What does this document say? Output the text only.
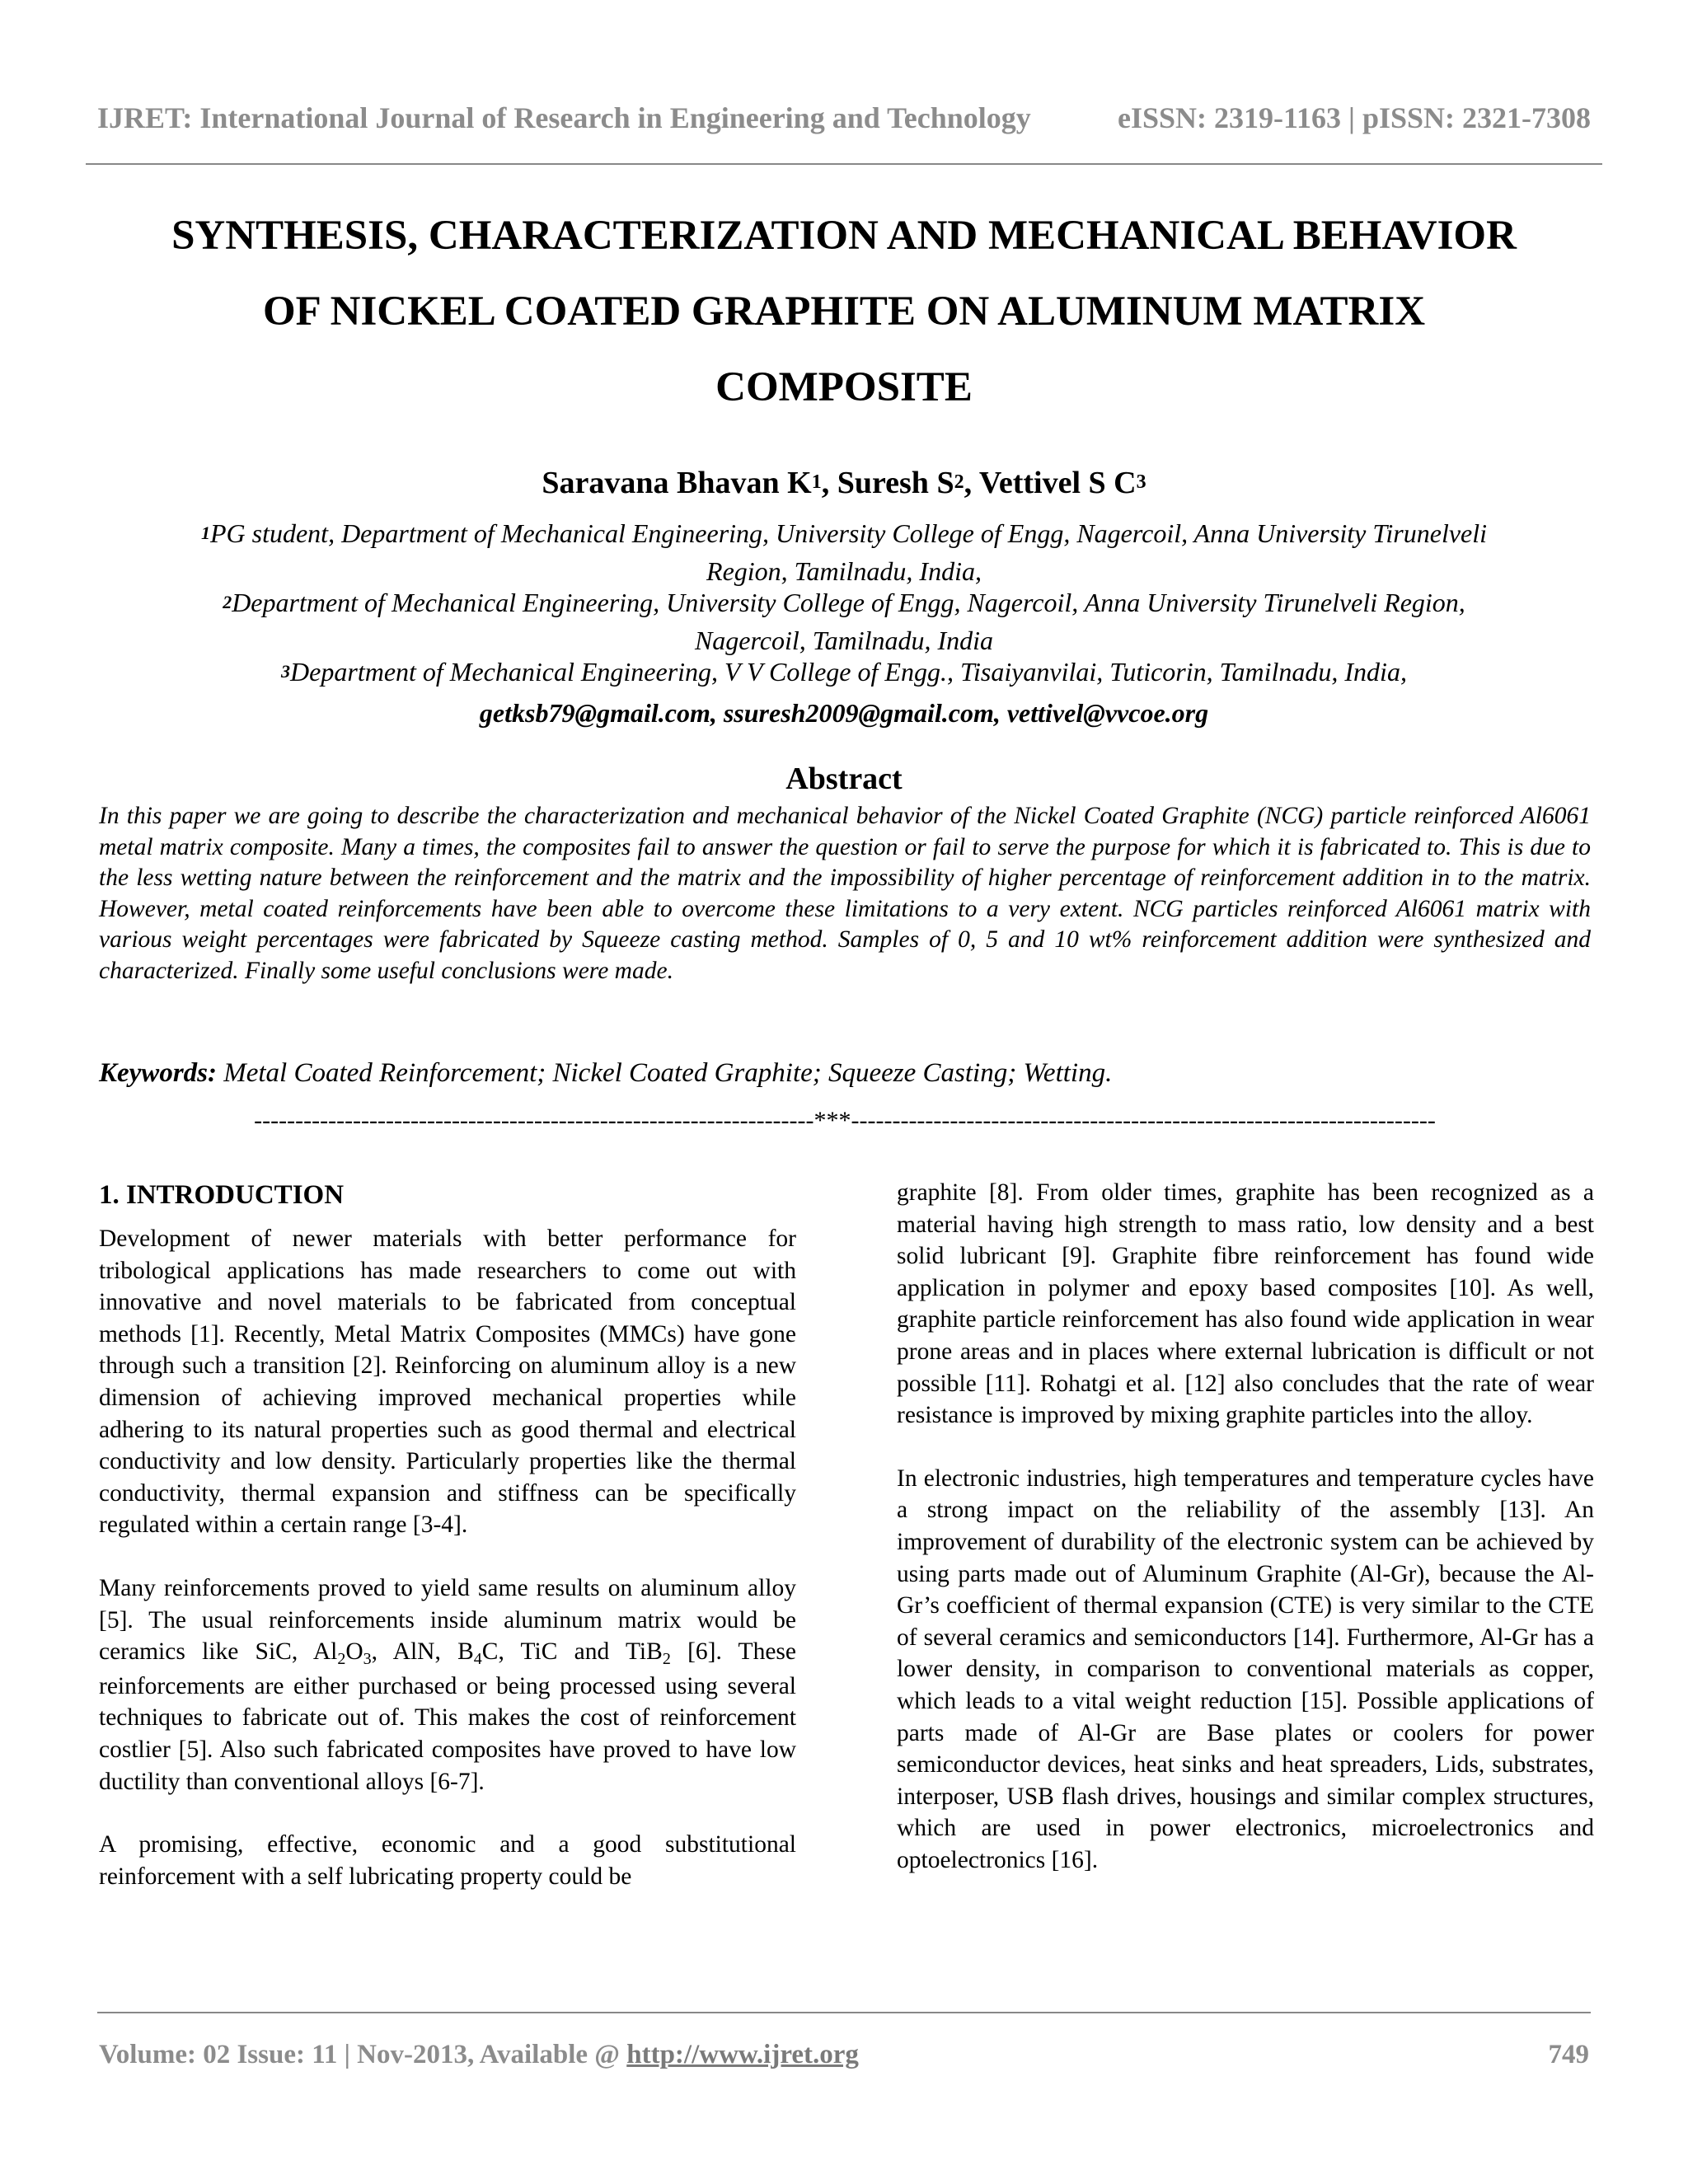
IJRET: International Journal of Research in Engineering and Technology	eISSN: 2319-1163 | pISSN: 2321-7308
SYNTHESIS, CHARACTERIZATION AND MECHANICAL BEHAVIOR
OF NICKEL COATED GRAPHITE ON ALUMINUM MATRIX
COMPOSITE
Saravana Bhavan $K^1$, Suresh $S^2$, Vettivel S $C^3$
$^1$PG student, Department of Mechanical Engineering, University College of Engg, Nagercoil, Anna University Tirunelveli
Region, Tamilnadu, India,
$^2$Department of Mechanical Engineering, University College of Engg, Nagercoil, Anna University Tirunelveli Region,
Nagercoil, Tamilnadu, India
$^3$Department of Mechanical Engineering, V V College of Engg., Tisaiyanvilai, Tuticorin, Tamilnadu, India,
getksb79@gmail.com, ssuresh2009@gmail.com, vettivel@vvcoe.org
Abstract
In this paper we are going to describe the characterization and mechanical behavior of the Nickel Coated Graphite (NCG) particle reinforced Al6061 metal matrix composite. Many a times, the composites fail to answer the question or fail to serve the purpose for which it is fabricated to. This is due to the less wetting nature between the reinforcement and the matrix and the impossibility of higher percentage of reinforcement addition in to the matrix. However, metal coated reinforcements have been able to overcome these limitations to a very extent. NCG particles reinforced Al6061 matrix with various weight percentages were fabricated by Squeeze casting method. Samples of 0, 5 and 10 wt% reinforcement addition were synthesized and characterized. Finally some useful conclusions were made.
Keywords: Metal Coated Reinforcement; Nickel Coated Graphite; Squeeze Casting; Wetting.
--------------------------------------------------------------------***-----------------------------------------------------------------------
1. INTRODUCTION
Development of newer materials with better performance for tribological applications has made researchers to come out with innovative and novel materials to be fabricated from conceptual methods [1]. Recently, Metal Matrix Composites (MMCs) have gone through such a transition [2]. Reinforcing on aluminum alloy is a new dimension of achieving improved mechanical properties while adhering to its natural properties such as good thermal and electrical conductivity and low density. Particularly properties like the thermal conductivity, thermal expansion and stiffness can be specifically regulated within a certain range [3-4].
Many reinforcements proved to yield same results on aluminum alloy [5]. The usual reinforcements inside aluminum matrix would be ceramics like SiC, $Al_2O_3$, AlN, $B_4C$, TiC and TiB$_2$ [6]. These reinforcements are either purchased or being processed using several techniques to fabricate out of. This makes the cost of reinforcement costlier [5]. Also such fabricated composites have proved to have low ductility than conventional alloys [6-7].
A promising, effective, economic and a good substitutional reinforcement with a self lubricating property could be
graphite [8]. From older times, graphite has been recognized as a material having high strength to mass ratio, low density and a best solid lubricant [9]. Graphite fibre reinforcement has found wide application in polymer and epoxy based composites [10]. As well, graphite particle reinforcement has also found wide application in wear prone areas and in places where external lubrication is difficult or not possible [11]. Rohatgi et al. [12] also concludes that the rate of wear resistance is improved by mixing graphite particles into the alloy.
In electronic industries, high temperatures and temperature cycles have a strong impact on the reliability of the assembly [13]. An improvement of durability of the electronic system can be achieved by using parts made out of Aluminum Graphite (Al-Gr), because the Al-Gr’s coefficient of thermal expansion (CTE) is very similar to the CTE of several ceramics and semiconductors [14]. Furthermore, Al-Gr has a lower density, in comparison to conventional materials as copper, which leads to a vital weight reduction [15]. Possible applications of parts made of Al-Gr are Base plates or coolers for power semiconductor devices, heat sinks and heat spreaders, Lids, substrates, interposer, USB flash drives, housings and similar complex structures, which are used in power electronics, microelectronics and optoelectronics [16].
Volume: 02 Issue: 11 | Nov-2013, Available @ http://www.ijret.org	749
